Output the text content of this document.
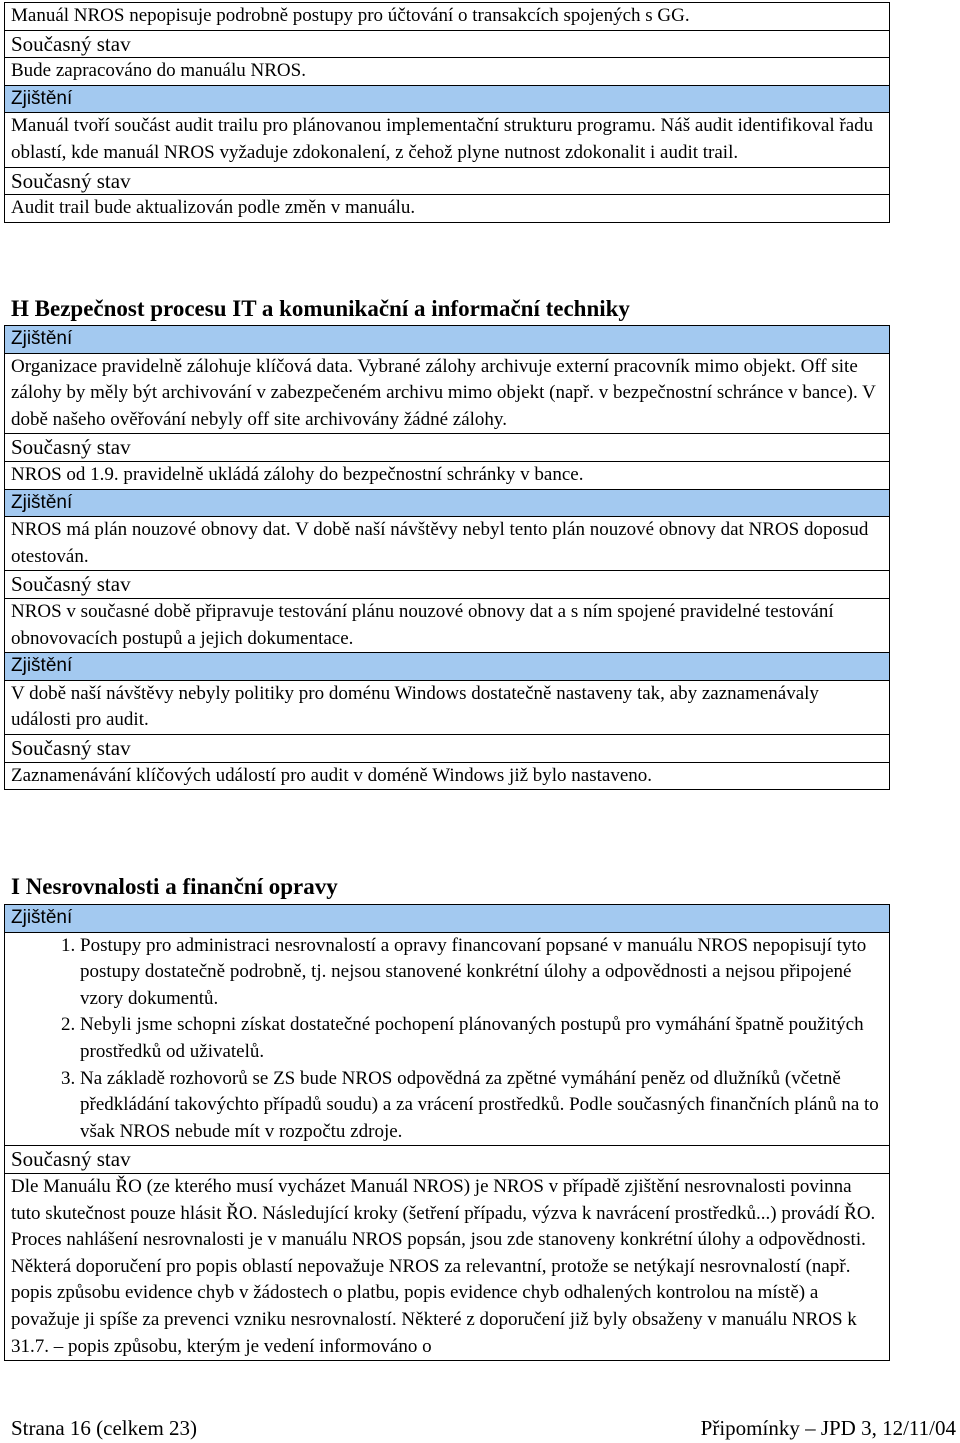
Manuál NROS nepopisuje podrobně postupy pro účtování o transakcích spojených s GG.
Současný stav
Bude zapracováno do manuálu NROS.
Zjištění
Manuál tvoří součást audit trailu pro plánovanou implementační strukturu programu. Náš audit identifikoval řadu oblastí, kde manuál NROS vyžaduje zdokonalení, z čehož plyne nutnost zdokonalit i audit trail.
Současný stav
Audit trail bude aktualizován podle změn v manuálu.
H Bezpečnost procesu IT a komunikační a informační techniky
Zjištění
Organizace pravidelně zálohuje klíčová data. Vybrané zálohy archivuje externí pracovník mimo objekt. Off site zálohy by měly být archivování v zabezpečeném archivu mimo objekt (např. v bezpečnostní schránce v bance). V době našeho ověřování nebyly off site archivovány žádné zálohy.
Současný stav
NROS od 1.9. pravidelně ukládá zálohy do bezpečnostní schránky v bance.
Zjištění
NROS má plán nouzové obnovy dat. V době naší návštěvy nebyl tento plán nouzové obnovy dat NROS doposud otestován.
Současný stav
NROS v současné době připravuje testování plánu nouzové obnovy dat a s ním spojené pravidelné testování obnovovacích postupů a jejich dokumentace.
Zjištění
V době naší návštěvy nebyly politiky pro doménu Windows dostatečně nastaveny tak, aby zaznamenávaly události pro audit.
Současný stav
Zaznamenávání klíčových událostí pro audit v doméně Windows již bylo nastaveno.
I Nesrovnalosti a finanční opravy
Zjištění

1. Postupy pro administraci nesrovnalostí a opravy financovaní popsané v manuálu NROS nepopisují tyto postupy dostatečně podrobně, tj. nejsou stanovené konkrétní úlohy a odpovědnosti a nejsou připojené vzory dokumentů.
2. Nebyli jsme schopni získat dostatečné pochopení plánovaných postupů pro vymáhání špatně použitých prostředků od uživatelů.
3. Na základě rozhovorů se ZS bude NROS odpovědná za zpětné vymáhání peněz od dlužníků (včetně předkládání takovýchto případů soudu) a za vrácení prostředků. Podle současných finančních plánů na to však NROS nebude mít v rozpočtu zdroje.

Současný stav
Dle Manuálu ŘO (ze kterého musí vycházet Manuál NROS) je NROS v případě zjištění nesrovnalosti povinna tuto skutečnost pouze hlásit ŘO. Následující kroky (šetření případu, výzva k navrácení prostředků...) provádí ŘO. Proces nahlášení nesrovnalosti je v manuálu NROS popsán, jsou zde stanoveny konkrétní úlohy a odpovědnosti. Některá doporučení pro popis oblastí nepovažuje NROS za relevantní, protože se netýkají nesrovnalostí (např. popis způsobu evidence chyb v žádostech o platbu, popis evidence chyb odhalených kontrolou na místě) a považuje ji spíše za prevenci vzniku nesrovnalostí. Některé z doporučení již byly obsaženy v manuálu NROS k 31.7. – popis způsobu, kterým je vedení informováno o
Strana 16 (celkem 23)	Připomínky – JPD 3, 12/11/04
